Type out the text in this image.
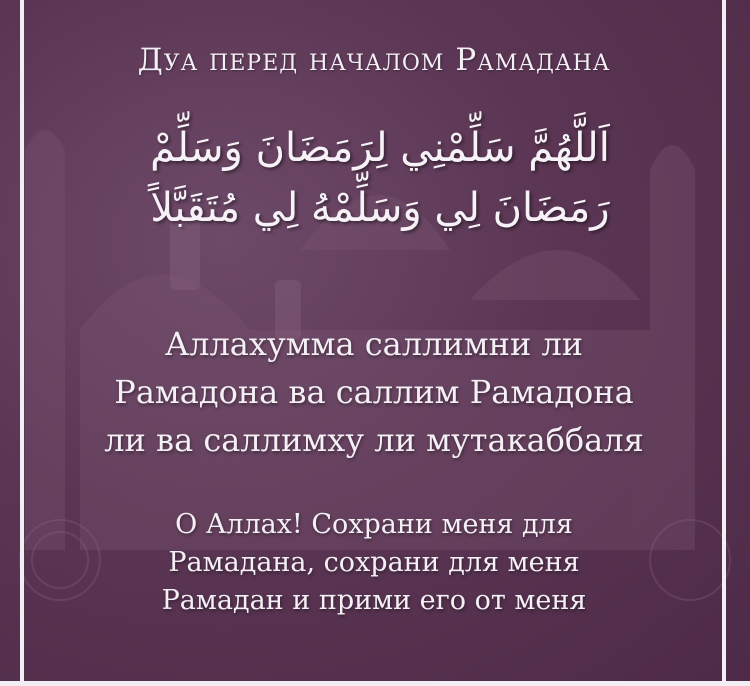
Дуа перед началом Рамадана
اَللَّهُمَّ سَلِّمْنِي لِرَمَضَانَ وَسَلِّمْ
رَمَضَانَ لِي وَسَلِّمْهُ لِي مُتَقَبَّلاً
Аллахумма саллимни ли
Рамадона ва саллим Рамадона
ли ва саллимху ли мутакаббаля
О Аллах! Сохрани меня для
Рамадана, сохрани для меня
Рамадан и прими его от меня
